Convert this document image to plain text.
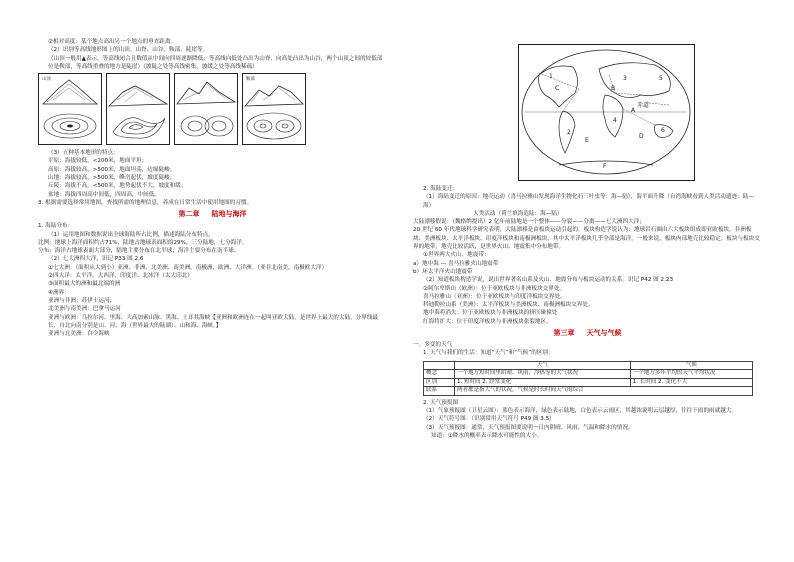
②相对高度：某个地点高出另一个地点的垂直距离。

（2）识别等高线地形图上的山顶、山脊、山谷、鞍部、陡崖等。

（山顶一般用▲表示，等高线闭合且数值从中间向四周逐渐降低；等高线向低处凸出为山脊，向高处凸出为山谷，两个山顶之间的较低部位是鞍部，等高线重叠的地方是陡崖）（坡陡之处等高线密集，坡缓之处等高线稀疏）

山顶	鞍部

（3）五种基本地形的特点：

平原：海拔较低，<200米，地面平坦；

高原：海拔较高，>500米，地面坦荡，边缘陡峻；

山地：海拔较高，>500米，峰峦起伏，坡度陡峻；

丘陵：海拔不高，<500米，地势起伏不大，坡度和缓；

盆地：海拔四周高中间低，四周高，中间低。

3. 根据需要选择常用地图，查找所需的地理信息，养成在日常生活中使用地图的习惯。

第二章 陆地与海洋

1. 海陆分布：

（1）运用地图和数据说出全球海陆所占比例，描述海陆分布特点。

比例：地球上海洋面积约占71%，陆地占地球表面积的29%。三分陆地，七分海洋。

分布：海洋占地球表面大部分，陆地主要分布在北半球；海洋主要分布在南半球。

（2）七大洲四大洋，识记 P33 图 2.6

①七大洲：（面积从大到小）亚洲、非洲、北美洲、南美洲、南极洲、欧洲、大洋洲。（亚非北南美，南极欧大洋）

②四大洋：太平洋、大西洋、印度洋、北冰洋（太大印北）

③面积最大的洲和最北端的洲

④洲界：

亚洲与非洲：苏伊士运河；

北美洲与南美洲：巴拿马运河

亚洲与欧洲：乌拉尔河、里海、大高加索山脉、黑海、土耳其海峡【亚洲和欧洲连在一起叫亚欧大陆，是世界上最大的大陆，分界线最长，自北向南分别是山、河、海（世界最大的陆湖）、山和海、海峡。】

亚洲与北美洲：白令海峡

A
B
C
D
E
F
1
2
3
4
5
6
赤道

2. 海陆变迁：

（1）海陆变迁的原因：地壳运动（喜马拉雅山发现海洋生物化石三叶虫等：海—陆），海平面升降（台湾海峡看到人类活动遗迹：陆—海）

人类活动（荷兰填海造陆：海—陆）

大陆漂移假说：（魏格纳提出）2 亿年前陆地是一个整体——分裂——分离——七大洲四大洋；

20 世纪 60 年代地球科学研究表明，大陆漂移是由板块运动引起的。板块构造学说认为：地球岩石圈由六大板块组成即亚欧板块、非洲板块、美洲板块、太平洋板块、印度洋板块和南极洲板块，其中太平洋板块几乎全部是海洋。一般来说，板块内部地壳比较稳定；板块与板块交界的地带，地壳比较活跃，是世界火山、地震集中分布地带。

①世界两大火山、地震带：

a）地中海 — 喜马拉雅火山地震带

b）环太平洋火山地震带

（2）知道板块构造学说，说出世界著名山系及火山、地震分布与板块运动的关系。识记 P42 图 2.23

②阿尔卑斯山（欧洲）：位于亚欧板块与非洲板块交界处。

喜马拉雅山（亚洲）：位于亚欧板块与印度洋板块交界处。

科迪勒拉山系（美洲）：太平洋板块与美洲板块、南极洲板块交界处。

地中海将消失：位于亚欧板块与非洲板块的挤压碰撞处

红海将扩大：位于印度洋板块与非洲板块张裂地区。

第三章 天气与气候

一、多变的天气

1. 天气与我们的生活：知道“天气”和“气候”的区别：

	天气	气候
概念	一个地方短时间里阴晴、风雨、冷热等的大气状况	一个地方多年平均的天气平均状况
区别	1. 短时间 2. 经常变化	1. 长时间 2. 变化不大
联系	两者都是指大气的状况，气候是时长时间天气的综合	

2. 天气预报图

（1）气象预报图（卫星云图）：蓝色表示海洋，绿色表示陆地，白色表示云雨区，其越浓说明云层越厚，往往下雨的雨就越大。

（2）天气符号图：（识别常用天气符号 P49 图 3.5）

（3）天气预报图：通常，天气预报图要说明一日内阴晴、风雨、气温和降水的情况。

知道：①降水的概率表示降水可能性的大小。
